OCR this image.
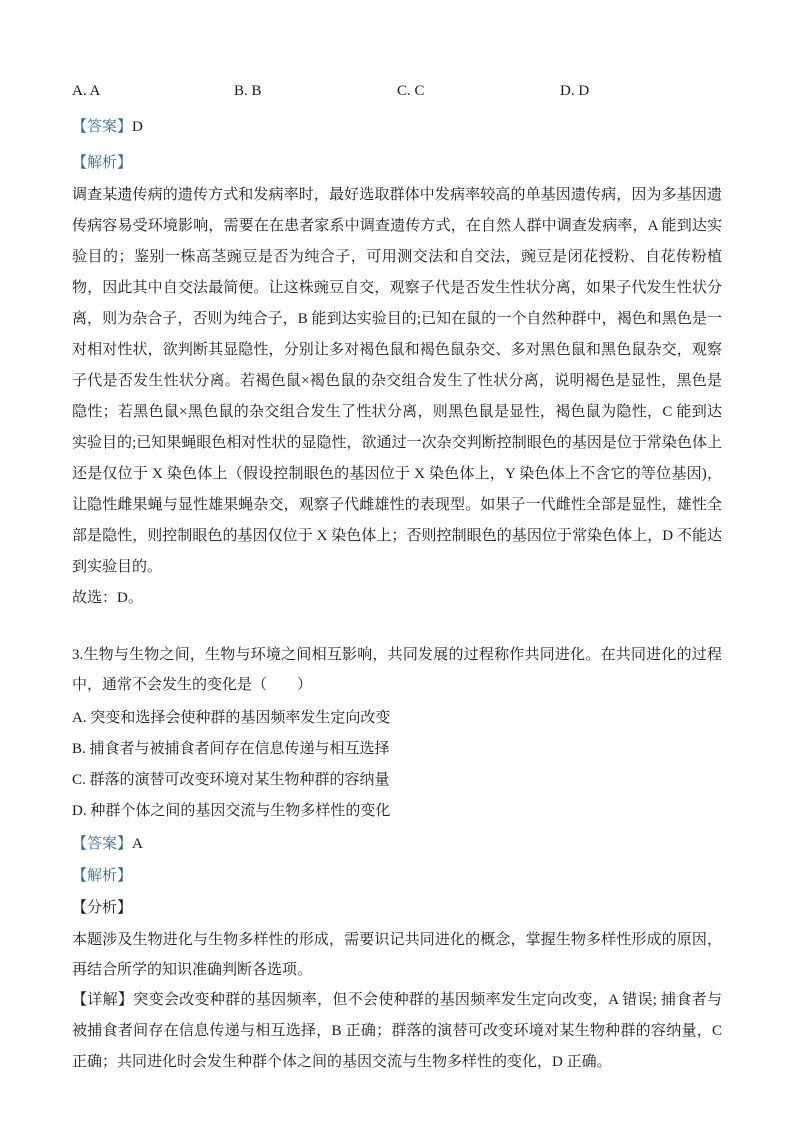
A. A	B. B	C. C	D. D

【答案】D

【解析】

调查某遗传病的遗传方式和发病率时，最好选取群体中发病率较高的单基因遗传病，因为多基因遗传病容易受环境影响，需要在在患者家系中调查遗传方式，在自然人群中调查发病率，A 能到达实验目的；鉴别一株高茎豌豆是否为纯合子，可用测交法和自交法，豌豆是闭花授粉、自花传粉植物，因此其中自交法最简便。让这株豌豆自交，观察子代是否发生性状分离，如果子代发生性状分离，则为杂合子，否则为纯合子，B 能到达实验目的;已知在鼠的一个自然种群中，褐色和黑色是一对相对性状，欲判断其显隐性，分别让多对褐色鼠和褐色鼠杂交、多对黑色鼠和黑色鼠杂交，观察子代是否发生性状分离。若褐色鼠×褐色鼠的杂交组合发生了性状分离，说明褐色是显性，黑色是隐性；若黑色鼠×黑色鼠的杂交组合发生了性状分离，则黑色鼠是显性，褐色鼠为隐性，C 能到达实验目的;已知果蝇眼色相对性状的显隐性，欲通过一次杂交判断控制眼色的基因是位于常染色体上还是仅位于 X 染色体上（假设控制眼色的基因位于 X 染色体上，Y 染色体上不含它的等位基因)，让隐性雌果蝇与显性雄果蝇杂交，观察子代雌雄性的表现型。如果子一代雌性全部是显性，雄性全部是隐性，则控制眼色的基因仅位于 X 染色体上；否则控制眼色的基因位于常染色体上，D 不能达到实验目的。

故选：D。

3.生物与生物之间，生物与环境之间相互影响，共同发展的过程称作共同进化。在共同进化的过程中，通常不会发生的变化是（　　）

A. 突变和选择会使种群的基因频率发生定向改变

B. 捕食者与被捕食者间存在信息传递与相互选择

C. 群落的演替可改变环境对某生物种群的容纳量

D. 种群个体之间的基因交流与生物多样性的变化

【答案】A

【解析】

【分析】

本题涉及生物进化与生物多样性的形成，需要识记共同进化的概念，掌握生物多样性形成的原因，再结合所学的知识准确判断各选项。

【详解】突变会改变种群的基因频率，但不会使种群的基因频率发生定向改变，A 错误; 捕食者与被捕食者间存在信息传递与相互选择，B 正确；群落的演替可改变环境对某生物种群的容纳量，C 正确；共同进化时会发生种群个体之间的基因交流与生物多样性的变化，D 正确。
